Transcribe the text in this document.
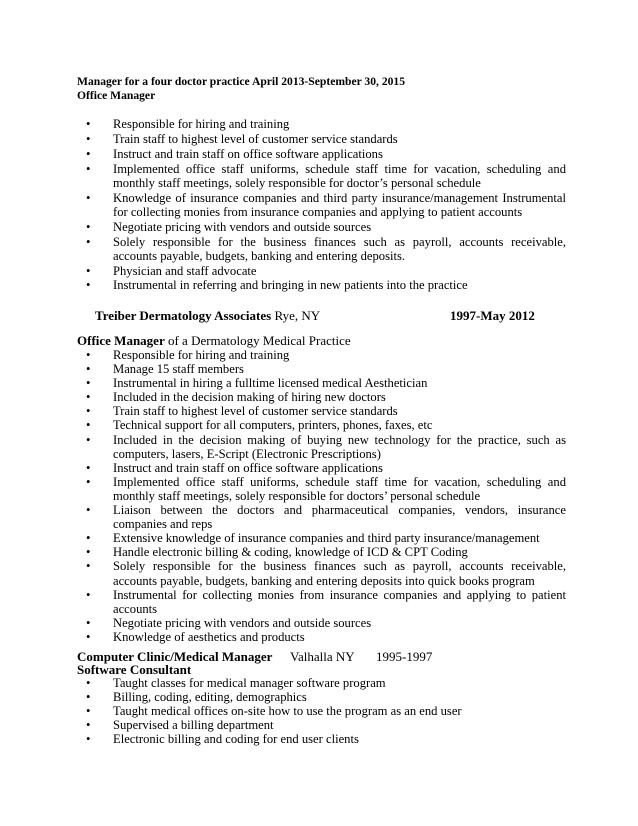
Manager for a four doctor practice April 2013-September 30, 2015
Office Manager
• Responsible for hiring and training
• Train staff to highest level of customer service standards
• Instruct and train staff on office software applications
• Implemented office staff uniforms, schedule staff time for vacation, scheduling and monthly staff meetings, solely responsible for doctor’s personal schedule
• Knowledge of insurance companies and third party insurance/management Instrumental for collecting monies from insurance companies and applying to patient accounts
• Negotiate pricing with vendors and outside sources
• Solely responsible for the business finances such as payroll, accounts receivable, accounts payable, budgets, banking and entering deposits.
• Physician and staff advocate
• Instrumental in referring and bringing in new patients into the practice
Treiber Dermatology Associates Rye, NY	1997-May 2012
Office Manager of a Dermatology Medical Practice
• Responsible for hiring and training
• Manage 15 staff members
• Instrumental in hiring a fulltime licensed medical Aesthetician
• Included in the decision making of hiring new doctors
• Train staff to highest level of customer service standards
• Technical support for all computers, printers, phones, faxes, etc
• Included in the decision making of buying new technology for the practice, such as computers, lasers, E-Script (Electronic Prescriptions)
• Instruct and train staff on office software applications
• Implemented office staff uniforms, schedule staff time for vacation, scheduling and monthly staff meetings, solely responsible for doctors’ personal schedule
• Liaison between the doctors and pharmaceutical companies, vendors, insurance companies and reps
• Extensive knowledge of insurance companies and third party insurance/management
• Handle electronic billing & coding, knowledge of ICD & CPT Coding
• Solely responsible for the business finances such as payroll, accounts receivable, accounts payable, budgets, banking and entering deposits into quick books program
• Instrumental for collecting monies from insurance companies and applying to patient accounts
• Negotiate pricing with vendors and outside sources
• Knowledge of aesthetics and products
Computer Clinic/Medical Manager Valhalla NY 1995-1997
Software Consultant
• Taught classes for medical manager software program
• Billing, coding, editing, demographics
• Taught medical offices on-site how to use the program as an end user
• Supervised a billing department
• Electronic billing and coding for end user clients
